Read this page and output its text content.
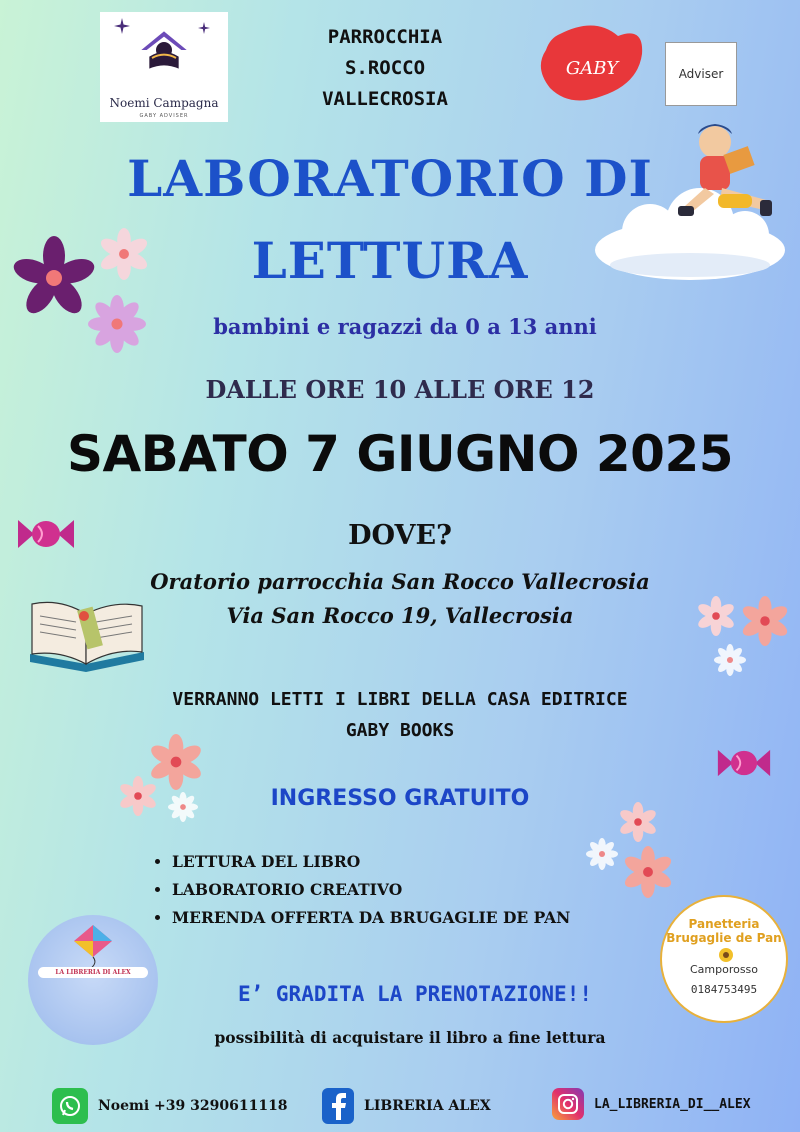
Noemi Campagna
GABY ADVISER
PARROCCHIA
S.ROCCO
VALLECROSIA
GABY	Adviser
LABORATORIO DI
LETTURA
bambini e ragazzi da 0 a 13 anni
DALLE ORE 10 ALLE ORE 12
SABATO 7 GIUGNO 2025
DOVE?
Oratorio parrocchia San Rocco Vallecrosia
Via San Rocco 19, Vallecrosia
VERRANNO LETTI I LIBRI DELLA CASA EDITRICE
GABY BOOKS
INGRESSO GRATUITO
• LETTURA DEL LIBRO
• LABORATORIO CREATIVO
• MERENDA OFFERTA DA BRUGAGLIE DE PAN
LA LIBRERIA DI ALEX
Panetteria
Brugaglie de Pan
Camporosso
0184753495
E’ GRADITA LA PRENOTAZIONE!!
possibilità di acquistare il libro a fine lettura
Noemi +39 3290611118	LIBRERIA ALEX	LA_LIBRERIA_DI__ALEX
